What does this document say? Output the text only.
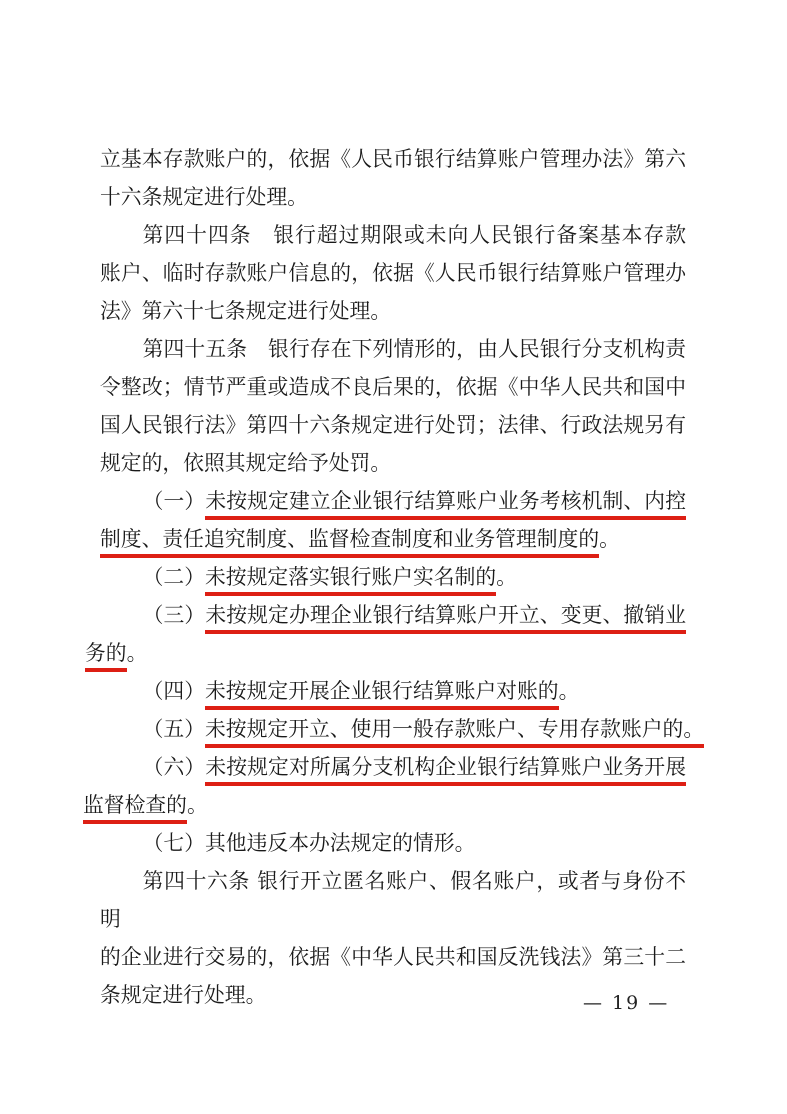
立基本存款账户的，依据《人民币银行结算账户管理办法》第六
十六条规定进行处理。
第四十四条　银行超过期限或未向人民银行备案基本存款
账户、临时存款账户信息的，依据《人民币银行结算账户管理办
法》第六十七条规定进行处理。
第四十五条　银行存在下列情形的，由人民银行分支机构责
令整改；情节严重或造成不良后果的，依据《中华人民共和国中
国人民银行法》第四十六条规定进行处罚；法律、行政法规另有
规定的，依照其规定给予处罚。
（一）未按规定建立企业银行结算账户业务考核机制、内控
制度、责任追究制度、监督检查制度和业务管理制度的。
（二）未按规定落实银行账户实名制的。
（三）未按规定办理企业银行结算账户开立、变更、撤销业
务的。
（四）未按规定开展企业银行结算账户对账的。
（五）未按规定开立、使用一般存款账户、专用存款账户的。
（六）未按规定对所属分支机构企业银行结算账户业务开展
监督检查的。
（七）其他违反本办法规定的情形。
第四十六条 银行开立匿名账户、假名账户，或者与身份不明
的企业进行交易的，依据《中华人民共和国反洗钱法》第三十二
条规定进行处理。	— 19 —
